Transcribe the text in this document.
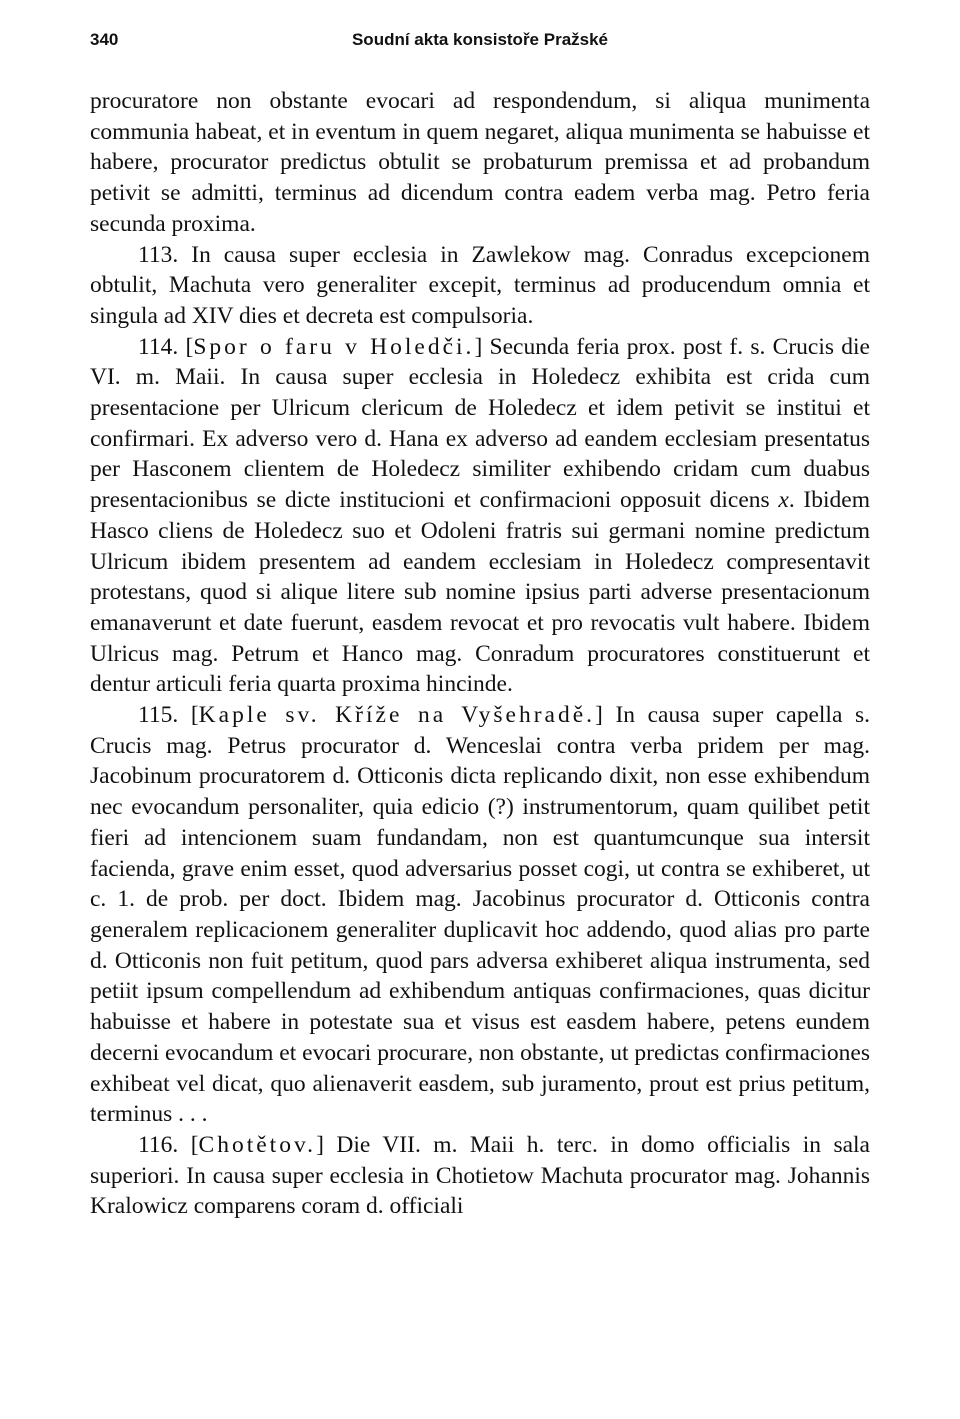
340	Soudní akta konsistoře Pražské

procuratore non obstante evocari ad respondendum, si aliqua munimenta communia habeat, et in eventum in quem negaret, aliqua munimenta se habuisse et habere, procurator predictus obtulit se probaturum premissa et ad probandum petivit se admitti, terminus ad dicendum contra eadem verba mag. Petro feria secunda proxima.

113. In causa super ecclesia in Zawlekow mag. Conradus excepcionem obtulit, Machuta vero generaliter excepit, terminus ad producendum omnia et singula ad XIV dies et decreta est compulsoria.

114. [Spor o faru v Holedči.] Secunda feria prox. post f. s. Crucis die VI. m. Maii. In causa super ecclesia in Holedecz exhibita est crida cum presentacione per Ulricum clericum de Holedecz et idem petivit se institui et confirmari. Ex adverso vero d. Hana ex adverso ad eandem ecclesiam presentatus per Hasconem clientem de Holedecz similiter exhibendo cridam cum duabus presentacionibus se dicte institucioni et confirmacioni opposuit dicens x. Ibidem Hasco cliens de Holedecz suo et Odoleni fratris sui germani nomine predictum Ulricum ibidem presentem ad eandem ecclesiam in Holedecz compresentavit protestans, quod si alique litere sub nomine ipsius parti adverse presentacionum emanaverunt et date fuerunt, easdem revocat et pro revocatis vult habere. Ibidem Ulricus mag. Petrum et Hanco mag. Conradum procuratores constituerunt et dentur articuli feria quarta proxima hincinde.

115. [Kaple sv. Kříže na Vyšehradě.] In causa super capella s. Crucis mag. Petrus procurator d. Wenceslai contra verba pridem per mag. Jacobinum procuratorem d. Otticonis dicta replicando dixit, non esse exhibendum nec evocandum personaliter, quia edicio (?) instrumentorum, quam quilibet petit fieri ad intencionem suam fundandam, non est quantumcunque sua intersit facienda, grave enim esset, quod adversarius posset cogi, ut contra se exhiberet, ut c. 1. de prob. per doct. Ibidem mag. Jacobinus procurator d. Otticonis contra generalem replicacionem generaliter duplicavit hoc addendo, quod alias pro parte d. Otticonis non fuit petitum, quod pars adversa exhiberet aliqua instrumenta, sed petiit ipsum compellendum ad exhibendum antiquas confirmaciones, quas dicitur habuisse et habere in potestate sua et visus est easdem habere, petens eundem decerni evocandum et evocari procurare, non obstante, ut predictas confirmaciones exhibeat vel dicat, quo alienaverit easdem, sub juramento, prout est prius petitum, terminus . . .

116. [Chotětov.] Die VII. m. Maii h. terc. in domo officialis in sala superiori. In causa super ecclesia in Chotietow Machuta procurator mag. Johannis Kralowicz comparens coram d. officiali
